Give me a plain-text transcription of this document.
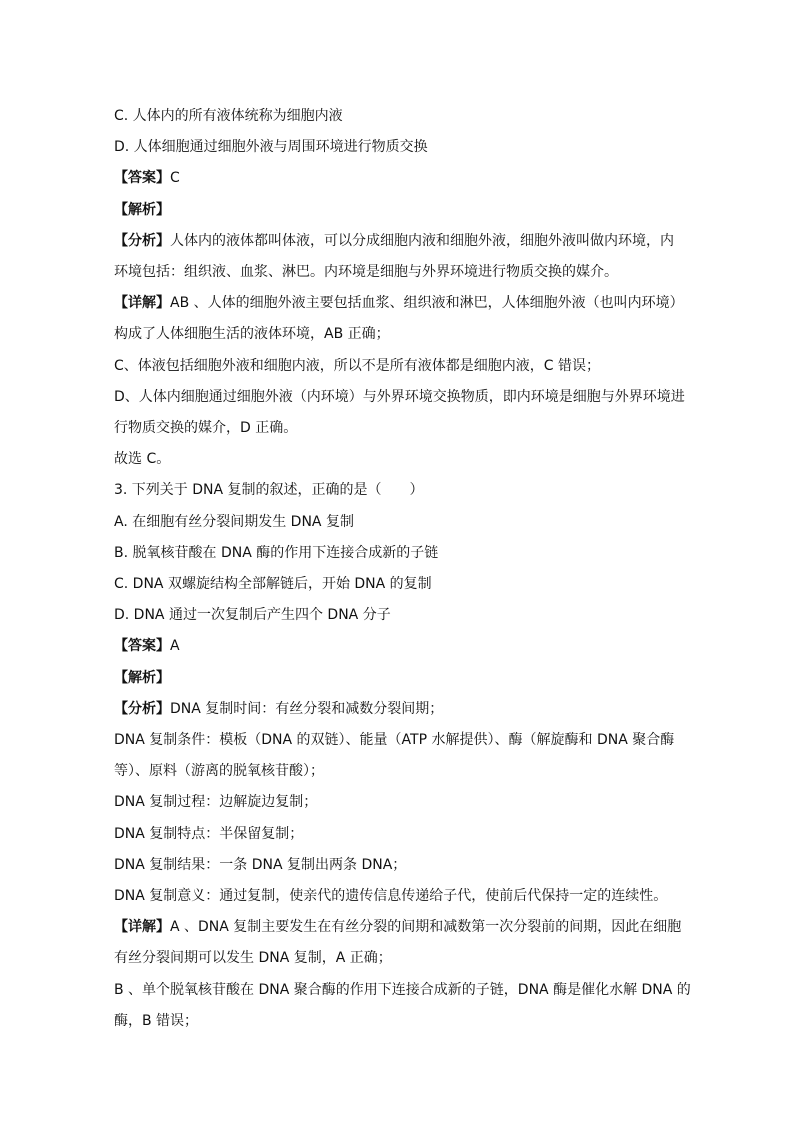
C. 人体内的所有液体统称为细胞内液

D. 人体细胞通过细胞外液与周围环境进行物质交换

【答案】C

【解析】

【分析】人体内的液体都叫体液，可以分成细胞内液和细胞外液，细胞外液叫做内环境，内

环境包括：组织液、血浆、淋巴。内环境是细胞与外界环境进行物质交换的媒介。

【详解】AB 、人体的细胞外液主要包括血浆、组织液和淋巴，人体细胞外液（也叫内环境）

构成了人体细胞生活的液体环境，AB 正确；

C、体液包括细胞外液和细胞内液，所以不是所有液体都是细胞内液，C 错误；

D、人体内细胞通过细胞外液（内环境）与外界环境交换物质，即内环境是细胞与外界环境进

行物质交换的媒介，D 正确。

故选 C。

3. 下列关于 DNA 复制的叙述，正确的是（　　）

A. 在细胞有丝分裂间期发生 DNA 复制

B. 脱氧核苷酸在 DNA 酶的作用下连接合成新的子链

C. DNA 双螺旋结构全部解链后，开始 DNA 的复制

D. DNA 通过一次复制后产生四个 DNA 分子

【答案】A

【解析】

【分析】DNA 复制时间：有丝分裂和减数分裂间期；

DNA 复制条件：模板（DNA 的双链）、能量（ATP 水解提供）、酶（解旋酶和 DNA 聚合酶

等）、原料（游离的脱氧核苷酸）；

DNA 复制过程：边解旋边复制；

DNA 复制特点：半保留复制；

DNA 复制结果：一条 DNA 复制出两条 DNA；

DNA 复制意义：通过复制，使亲代的遗传信息传递给子代，使前后代保持一定的连续性。

【详解】A 、DNA 复制主要发生在有丝分裂的间期和减数第一次分裂前的间期，因此在细胞

有丝分裂间期可以发生 DNA 复制，A 正确；

B 、单个脱氧核苷酸在 DNA 聚合酶的作用下连接合成新的子链，DNA 酶是催化水解 DNA 的

酶，B 错误；
